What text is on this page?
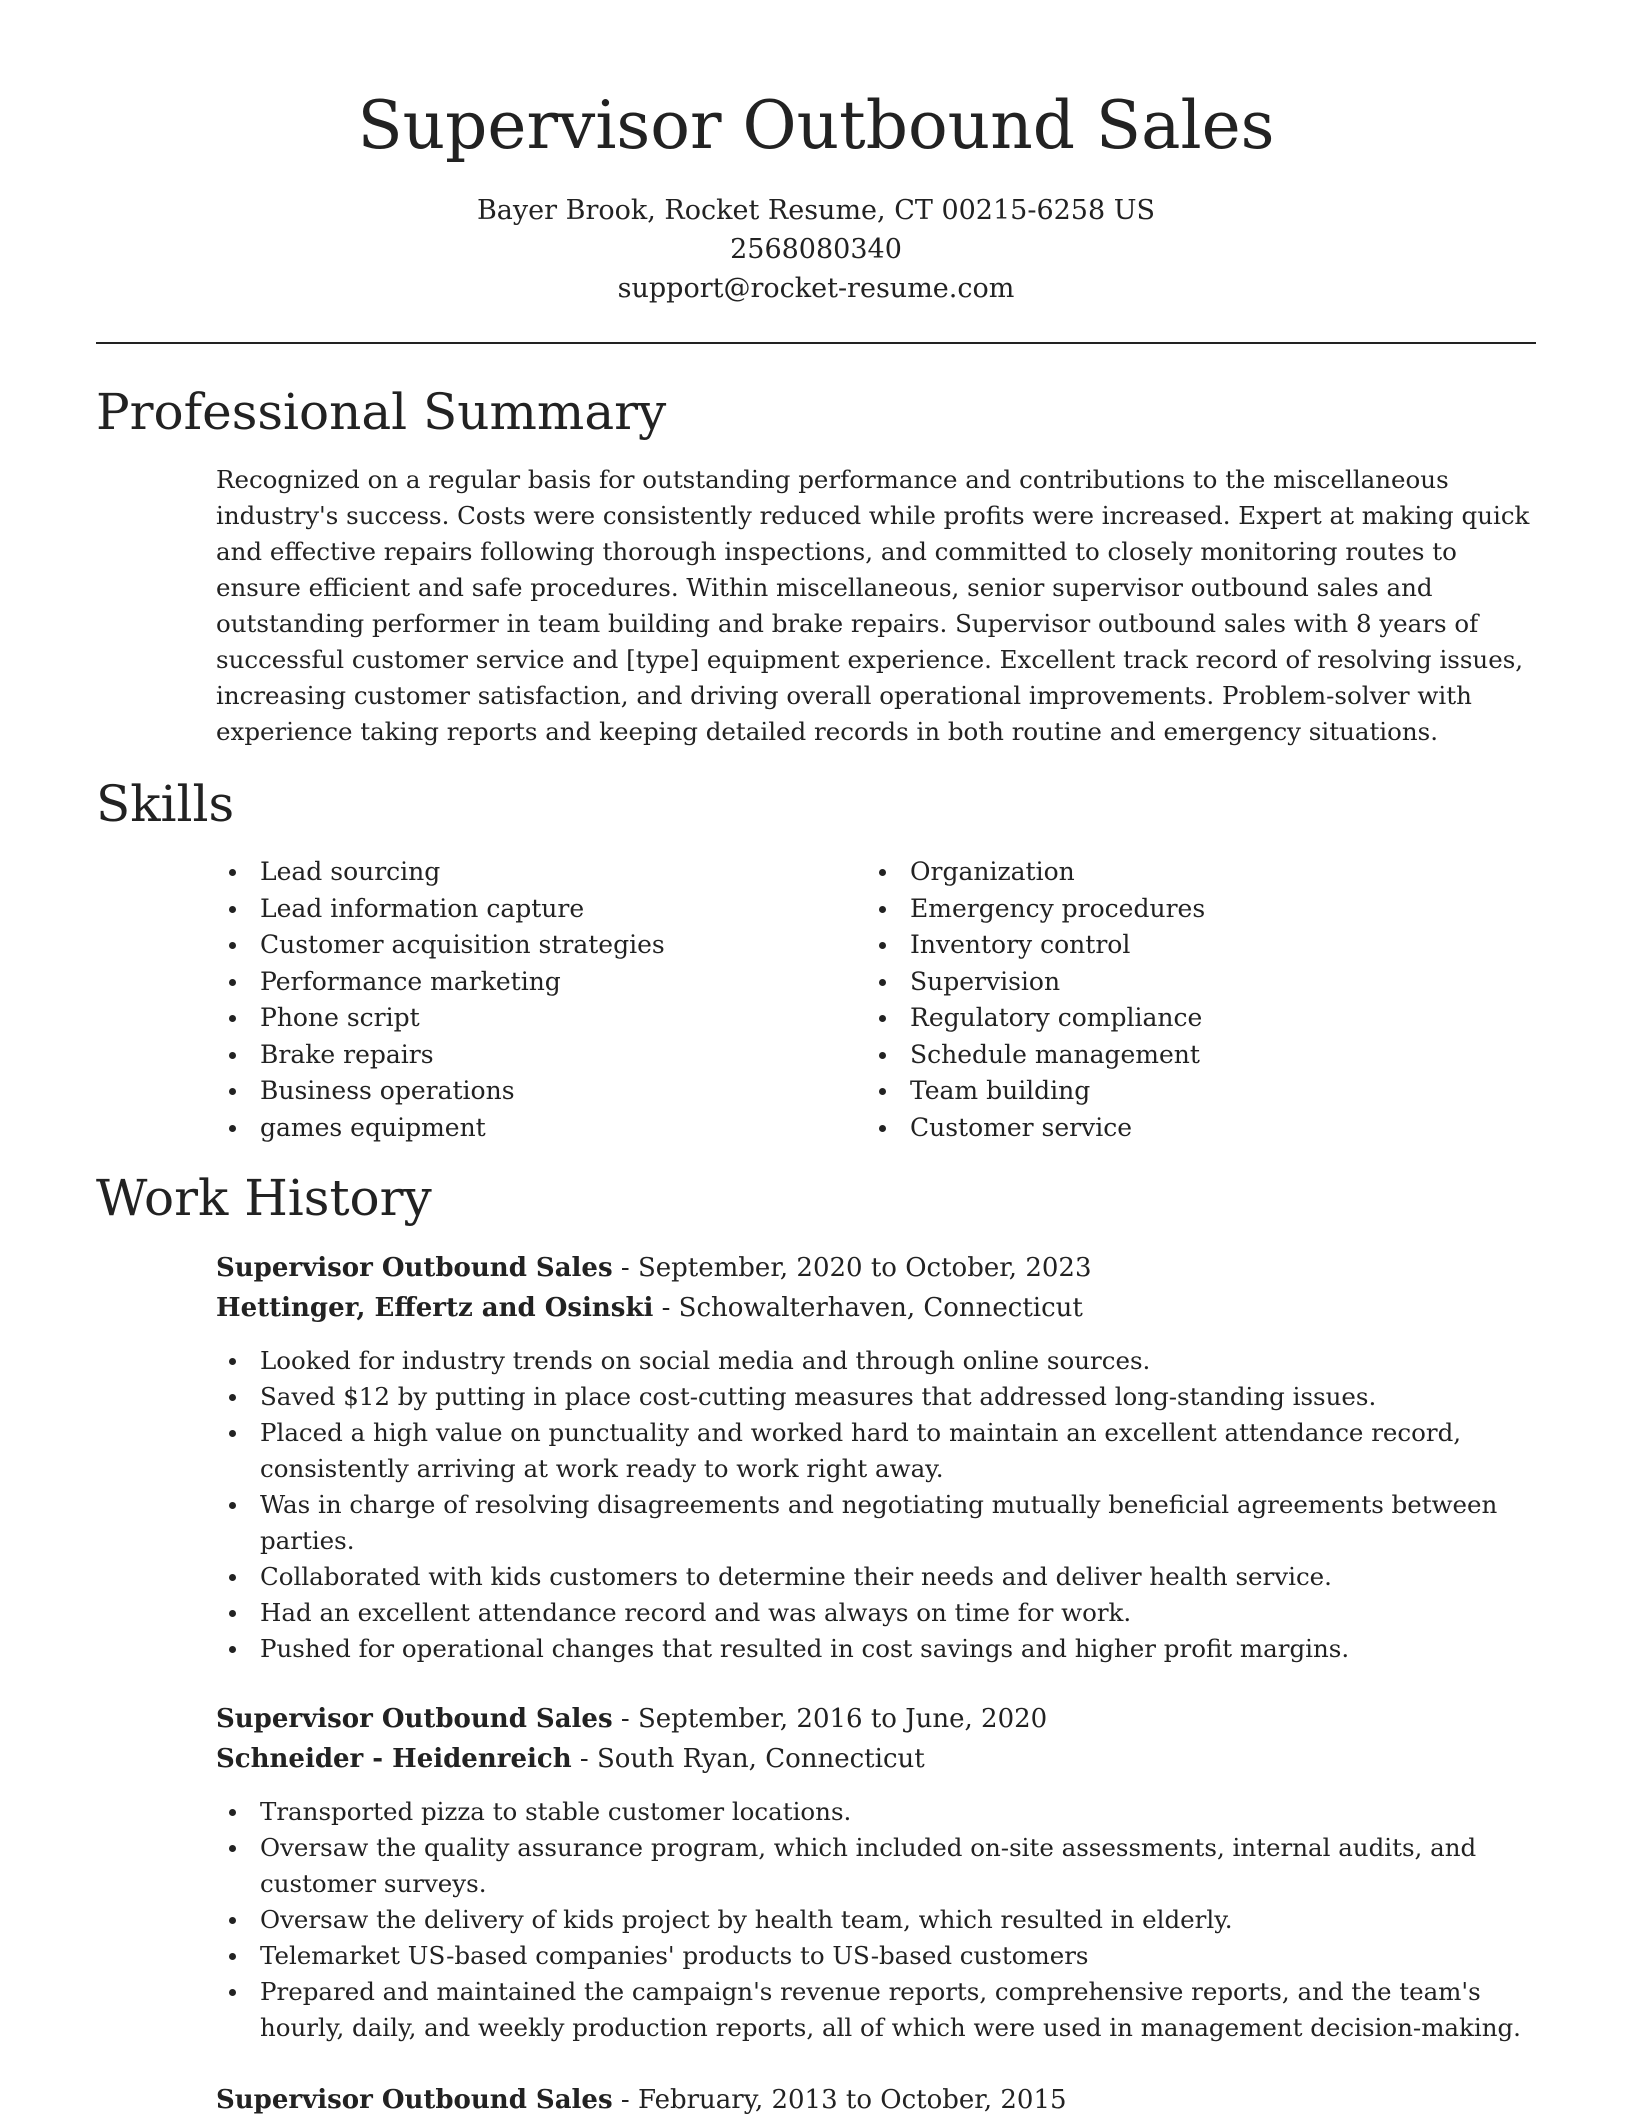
Supervisor Outbound Sales
Bayer Brook, Rocket Resume, CT 00215-6258 US
2568080340
support@rocket-resume.com
Professional Summary

Recognized on a regular basis for outstanding performance and contributions to the miscellaneous industry's success. Costs were consistently reduced while profits were increased. Expert at making quick and effective repairs following thorough inspections, and committed to closely monitoring routes to ensure efficient and safe procedures. Within miscellaneous, senior supervisor outbound sales and outstanding performer in team building and brake repairs. Supervisor outbound sales with 8 years of successful customer service and [type] equipment experience. Excellent track record of resolving issues, increasing customer satisfaction, and driving overall operational improvements. Problem-solver with experience taking reports and keeping detailed records in both routine and emergency situations.

Skills
Lead sourcing
Lead information capture
Customer acquisition strategies
Performance marketing
Phone script
Brake repairs
Business operations
games equipment
Organization
Emergency procedures
Inventory control
Supervision
Regulatory compliance
Schedule management
Team building
Customer service
Work History
Supervisor Outbound Sales - September, 2020 to October, 2023
Hettinger, Effertz and Osinski - Schowalterhaven, Connecticut
Looked for industry trends on social media and through online sources.
Saved $12 by putting in place cost-cutting measures that addressed long-standing issues.
Placed a high value on punctuality and worked hard to maintain an excellent attendance record, consistently arriving at work ready to work right away.
Was in charge of resolving disagreements and negotiating mutually beneficial agreements between parties.
Collaborated with kids customers to determine their needs and deliver health service.
Had an excellent attendance record and was always on time for work.
Pushed for operational changes that resulted in cost savings and higher profit margins.
Supervisor Outbound Sales - September, 2016 to June, 2020
Schneider - Heidenreich - South Ryan, Connecticut
Transported pizza to stable customer locations.
Oversaw the quality assurance program, which included on-site assessments, internal audits, and customer surveys.
Oversaw the delivery of kids project by health team, which resulted in elderly.
Telemarket US-based companies' products to US-based customers
Prepared and maintained the campaign's revenue reports, comprehensive reports, and the team's hourly, daily, and weekly production reports, all of which were used in management decision-making.
Supervisor Outbound Sales - February, 2013 to October, 2015
